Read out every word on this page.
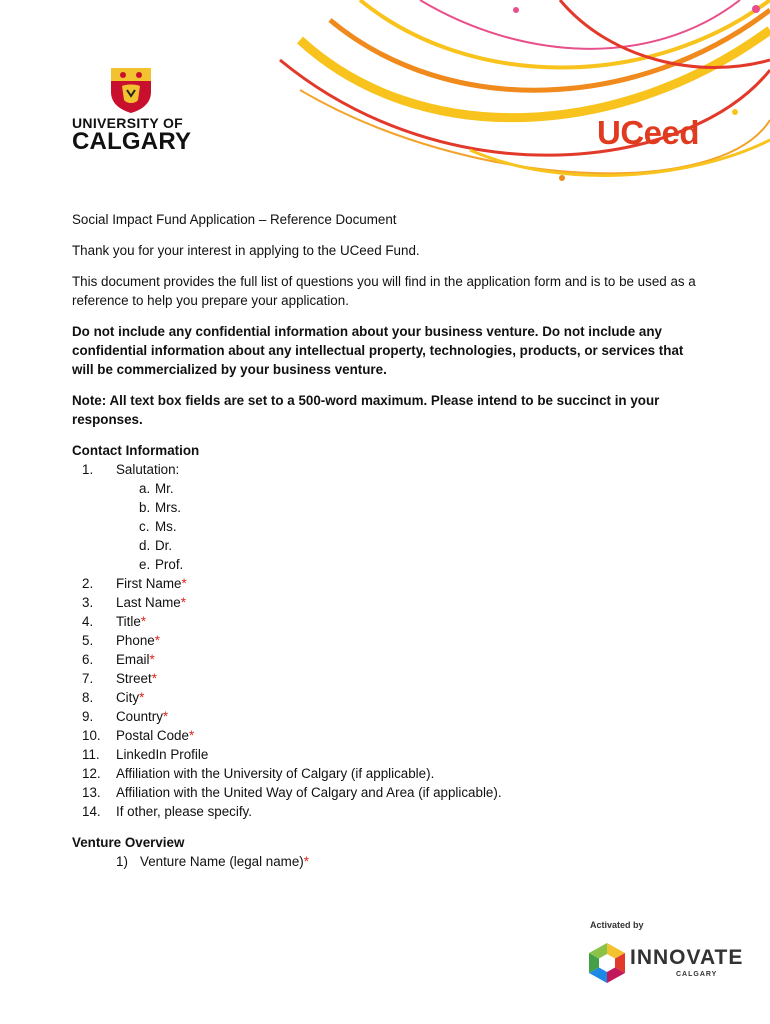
UNIVERSITY OF
CALGARY	UCeed

Social Impact Fund Application – Reference Document

Thank you for your interest in applying to the UCeed Fund.

This document provides the full list of questions you will find in the application form and is to be used as a reference to help you prepare your application.

Do not include any confidential information about your business venture. Do not include any confidential information about any intellectual property, technologies, products, or services that will be commercialized by your business venture.

Note: All text box fields are set to a 500-word maximum. Please intend to be succinct in your responses.

Contact Information

1.	Salutation:
a. Mr.
b. Mrs.
c. Ms.
d. Dr.
e. Prof.
2.	First Name*
3.	Last Name*
4.	Title*
5.	Phone*
6.	Email*
7.	Street*
8.	City*
9.	Country*
10.	Postal Code*
11.	LinkedIn Profile
12.	Affiliation with the University of Calgary (if applicable).
13.	Affiliation with the United Way of Calgary and Area (if applicable).
14.	If other, please specify.

Venture Overview

1) Venture Name (legal name)*
Activated by
INNOVATE
CALGARY
